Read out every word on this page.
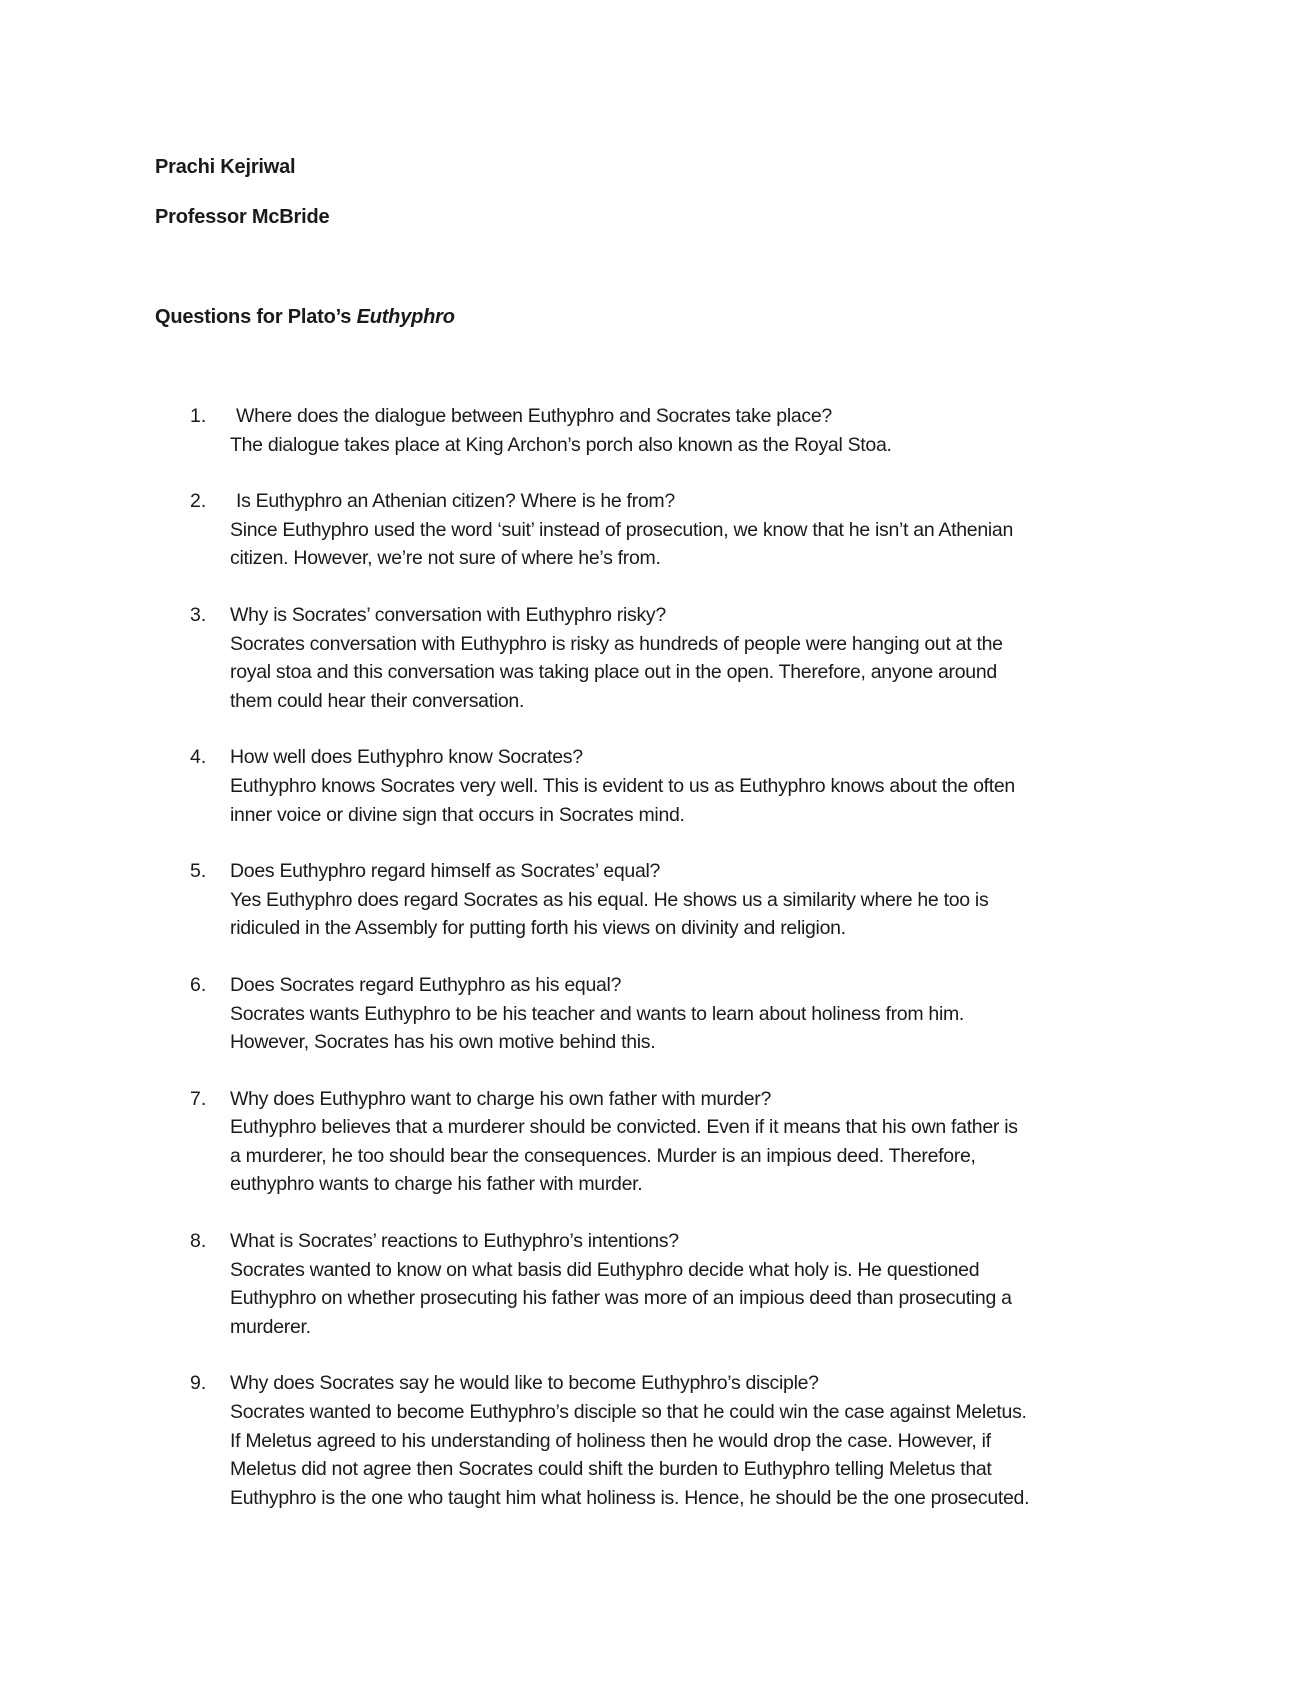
Prachi Kejriwal
Professor McBride
Questions for Plato’s Euthyphro
1.	Where does the dialogue between Euthyphro and Socrates take place?
The dialogue takes place at King Archon’s porch also known as the Royal Stoa.
2.	Is Euthyphro an Athenian citizen? Where is he from?
Since Euthyphro used the word ‘suit’ instead of prosecution, we know that he isn’t an Athenian
citizen. However, we’re not sure of where he’s from.
3. Why is Socrates’ conversation with Euthyphro risky?
Socrates conversation with Euthyphro is risky as hundreds of people were hanging out at the
royal stoa and this conversation was taking place out in the open. Therefore, anyone around
them could hear their conversation.
4. How well does Euthyphro know Socrates?
Euthyphro knows Socrates very well. This is evident to us as Euthyphro knows about the often
inner voice or divine sign that occurs in Socrates mind.
5. Does Euthyphro regard himself as Socrates’ equal?
Yes Euthyphro does regard Socrates as his equal. He shows us a similarity where he too is
ridiculed in the Assembly for putting forth his views on divinity and religion.
6. Does Socrates regard Euthyphro as his equal?
Socrates wants Euthyphro to be his teacher and wants to learn about holiness from him.
However, Socrates has his own motive behind this.
7. Why does Euthyphro want to charge his own father with murder?
Euthyphro believes that a murderer should be convicted. Even if it means that his own father is
a murderer, he too should bear the consequences. Murder is an impious deed. Therefore,
euthyphro wants to charge his father with murder.
8. What is Socrates’ reactions to Euthyphro’s intentions?
Socrates wanted to know on what basis did Euthyphro decide what holy is. He questioned
Euthyphro on whether prosecuting his father was more of an impious deed than prosecuting a
murderer.
9. Why does Socrates say he would like to become Euthyphro’s disciple?
Socrates wanted to become Euthyphro’s disciple so that he could win the case against Meletus.
If Meletus agreed to his understanding of holiness then he would drop the case. However, if
Meletus did not agree then Socrates could shift the burden to Euthyphro telling Meletus that
Euthyphro is the one who taught him what holiness is. Hence, he should be the one prosecuted.
